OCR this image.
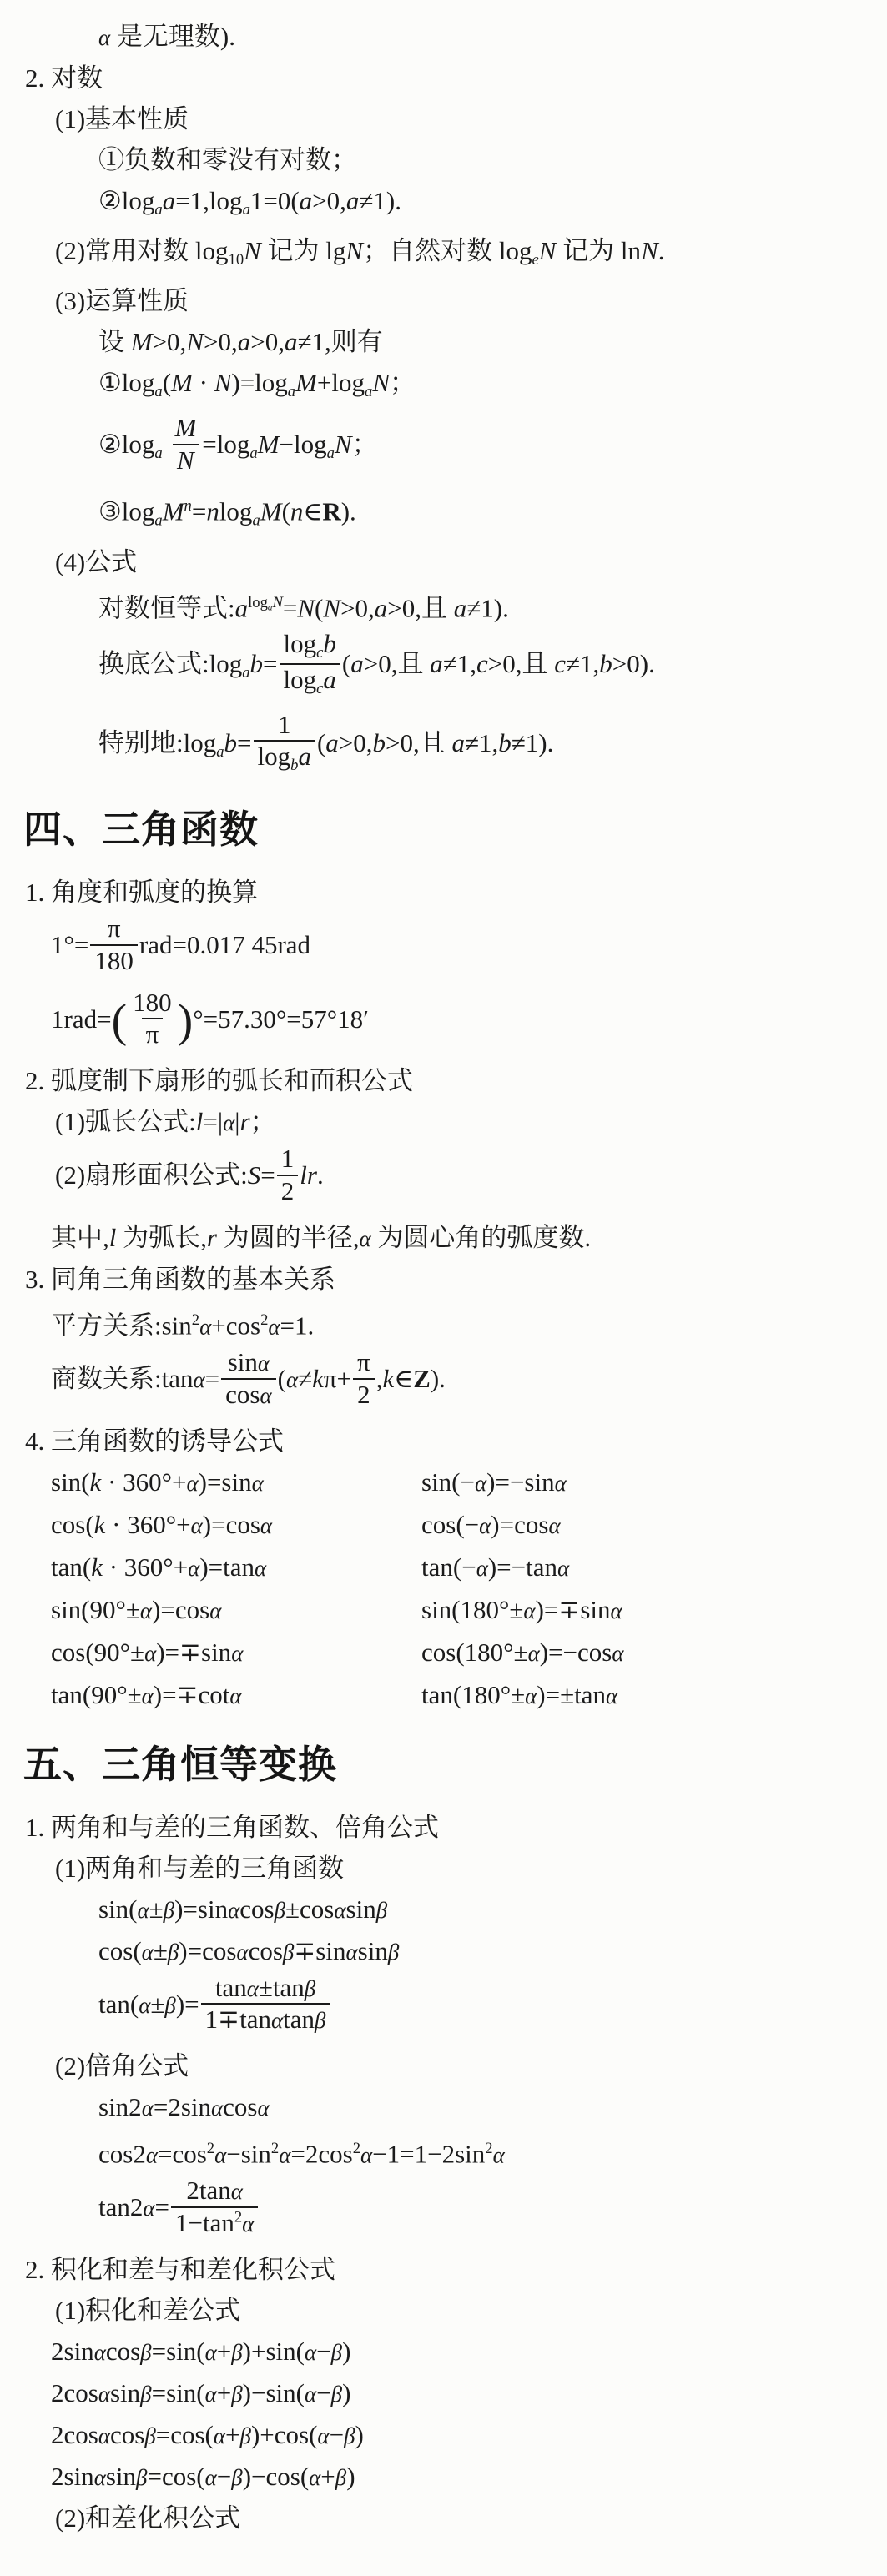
α 是无理数).
2. 对数
(1)基本性质
①负数和零没有对数；
$②\log_aa=1,\log_a1=0(a>0,a\ne 1)$.
(2)常用对数 $\log_{10}N$ 记为 lgN；自然对数 $\log_eN$ 记为 lnN.
(3)运算性质
设 M>0,N>0,a>0,a≠1,则有
$①\log_a(M \cdot N)=\log_aM+\log_aN$；
$②\log_a \frac{M}{N} =\log_aM-\log_aN$；
$③\log_aM^n=nlog_aM(n\in R)$.
(4)公式
对数恒等式$:a^{log_aN}=N(N>0,a>0$,且 a≠1).
换底公式$:\log_ab= \frac{\log_cb}{\log_ca} (a>0$,且 a≠1,c>0,且 c≠1,b>0).
特别地$:\log_ab= \frac{1}{\log_ba} (a>0,b>0$,且 a≠1,b≠1).
四、三角函数
1. 角度和弧度的换算
$1^\circ= \frac{\pi}{180} rad=0.017$ 45rad
$1rad=( \frac{180}{\pi} )^\circ=57.30^\circ=57^\circ 18'$
2. 弧度制下扇形的弧长和面积公式
(1)弧长公式:l=|α|r；
(2)扇形面积公式:S= $\frac{1}{2}$ lr.
其中,l 为弧长,r 为圆的半径,α 为圆心角的弧度数.
3. 同角三角函数的基本关系
平方关系$:\sin^2\alpha+\cos^2\alpha=1$.
商数关系:tanα= $\frac{\sin\alpha}{\cos\alpha} (\alpha\ne k\pi+ \frac{\pi}{2}$ ,k∈Z).
4. 三角函数的诱导公式
sin(k · 360°+α)=sinα	sin(−α)=−sinα
cos(k · 360°+α)=cosα	cos(−α)=cosα
tan(k · 360°+α)=tanα	tan(−α)=−tanα
sin(90°±α)=cosα	sin(180°±α)=∓sinα
cos(90°±α)=∓sinα	cos(180°±α)=−cosα
tan(90°±α)=∓cotα	tan(180°±α)=±tanα
五、三角恒等变换
1. 两角和与差的三角函数、倍角公式
(1)两角和与差的三角函数
sin(α±β)=sinαcosβ±cosαsinβ
cos(α±β)=cosαcosβ∓sinαsinβ
$\tan(\alpha\pm\beta)= \frac{\tan\alpha\pm\tan\beta}{1\mp\tan\alpha\tan\beta}$
(2)倍角公式
sin2α=2sinαcosα
$\cos 2\alpha=\cos^2\alpha-\sin^2\alpha=2\cos^2\alpha-1=1-2\sin^2\alpha$
$\tan 2\alpha= \frac{2\tan\alpha}{1-\tan^2\alpha}$
2. 积化和差与和差化积公式
(1)积化和差公式
2sinαcosβ=sin(α+β)+sin(α−β)
2cosαsinβ=sin(α+β)−sin(α−β)
2cosαcosβ=cos(α+β)+cos(α−β)
2sinαsinβ=cos(α−β)−cos(α+β)
(2)和差化积公式
